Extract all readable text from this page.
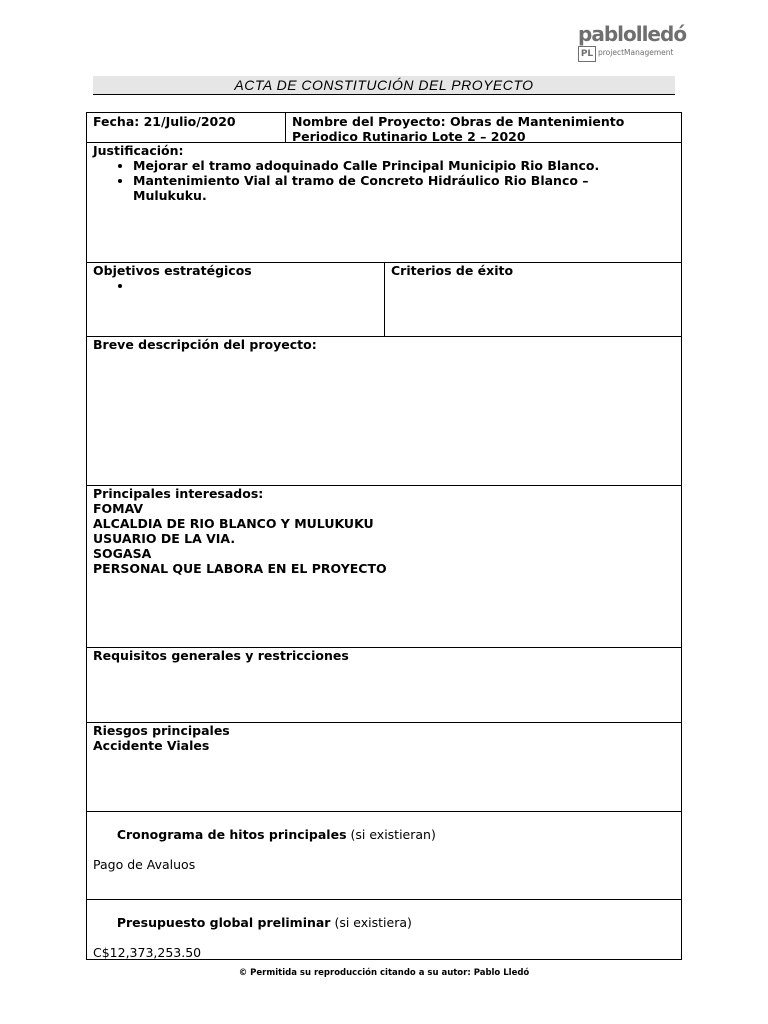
pablolledó
PL projectManagement
ACTA DE CONSTITUCIÓN DEL PROYECTO
Fecha: 21/Julio/2020	Nombre del Proyecto: Obras de Mantenimiento
Periodico Rutinario Lote 2 – 2020
Justificación:
• Mejorar el tramo adoquinado Calle Principal Municipio Rio Blanco.
• Mantenimiento Vial al tramo de Concreto Hidráulico Rio Blanco –
Mulukuku.
Objetivos estratégicos
•	Criterios de éxito
Breve descripción del proyecto:
Principales interesados:
FOMAV
ALCALDIA DE RIO BLANCO Y MULUKUKU
USUARIO DE LA VIA.
SOGASA
PERSONAL QUE LABORA EN EL PROYECTO
Requisitos generales y restricciones
Riesgos principales
Accidente Viales

Cronograma de hitos principales (si existieran)

Pago de Avaluos

Presupuesto global preliminar (si existiera)

C$12,373,253.50
© Permitida su reproducción citando a su autor: Pablo Lledó
